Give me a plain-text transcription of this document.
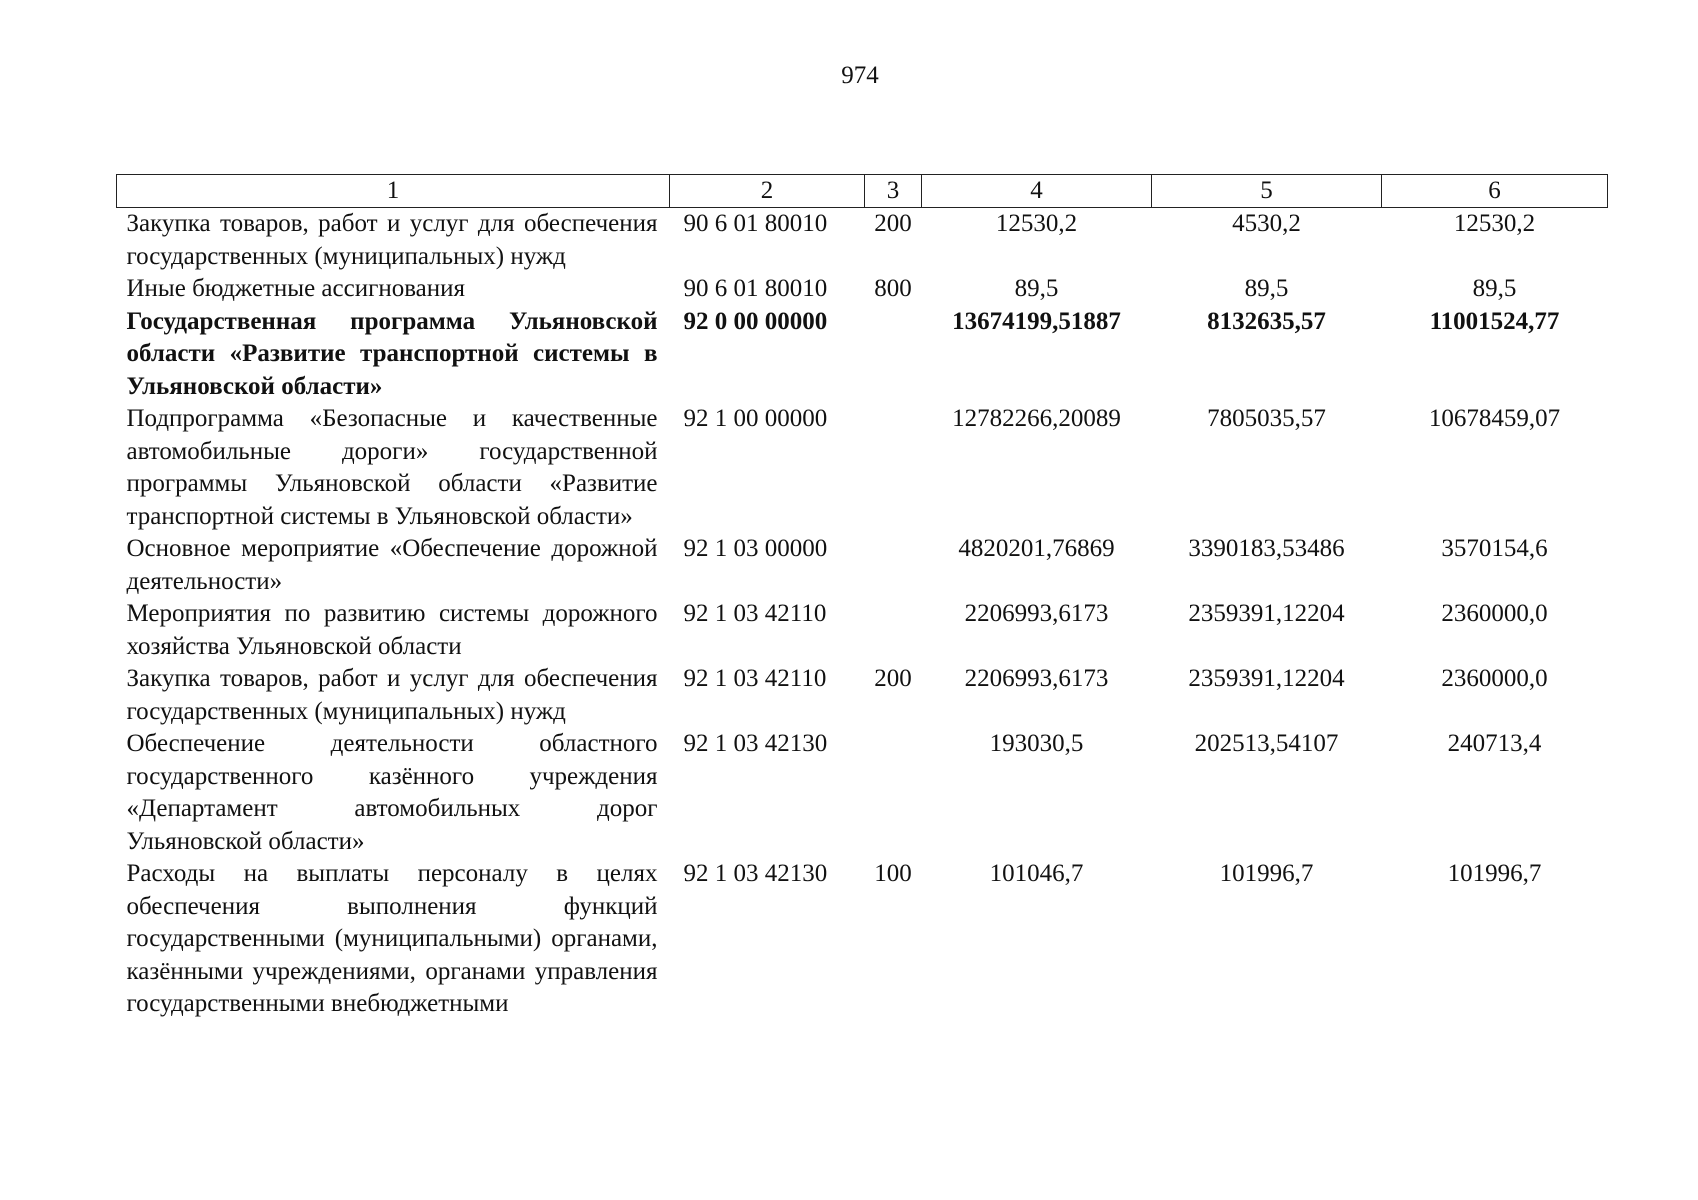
974
1	2	3	4	5	6
Закупка товаров, работ и услуг для обеспечения государственных (муниципальных) нужд	90 6 01 80010	200	12530,2	4530,2	12530,2
Иные бюджетные ассигнования	90 6 01 80010	800	89,5	89,5	89,5
Государственная программа Ульяновской области «Развитие транспортной системы в Ульяновской области»	92 0 00 00000		13674199,51887	8132635,57	11001524,77
Подпрограмма «Безопасные и качественные автомобильные дороги» государственной программы Ульяновской области «Развитие транспортной системы в Ульяновской области»	92 1 00 00000		12782266,20089	7805035,57	10678459,07
Основное мероприятие «Обеспечение дорожной деятельности»	92 1 03 00000		4820201,76869	3390183,53486	3570154,6
Мероприятия по развитию системы дорожного хозяйства Ульяновской области	92 1 03 42110		2206993,6173	2359391,12204	2360000,0
Закупка товаров, работ и услуг для обеспечения государственных (муниципальных) нужд	92 1 03 42110	200	2206993,6173	2359391,12204	2360000,0
Обеспечение деятельности областного государственного казённого учреждения «Департамент автомобильных дорог Ульяновской области»	92 1 03 42130		193030,5	202513,54107	240713,4
Расходы на выплаты персоналу в целях обеспечения выполнения функций государственными (муниципальными) органами, казёнными учреждениями, органами управления государственными внебюджетными	92 1 03 42130	100	101046,7	101996,7	101996,7
